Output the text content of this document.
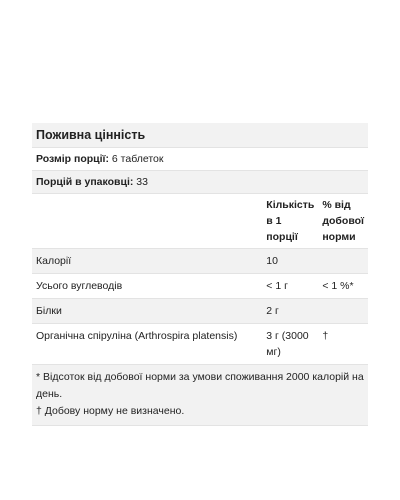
Поживна цінність
Розмір порції: 6 таблеток
Порцій в упаковці: 33
	Кількість в 1 порції	% від добової норми
Калорії	10	
Усього вуглеводів	< 1 г	< 1 %*
Білки	2 г	
Органічна спіруліна (Arthrospira platensis)	3 г (3000 мг)	†
* Відсоток від добової норми за умови споживання 2000 калорій на день.
† Добову норму не визначено.
